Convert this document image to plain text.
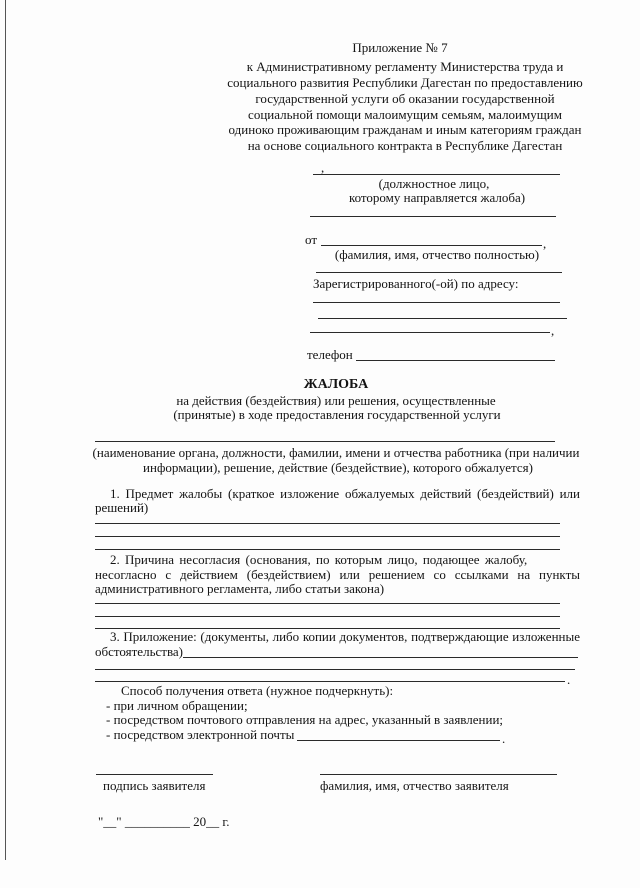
Приложение № 7
к Административному регламенту Министерства труда и
социального развития Республики Дагестан по предоставлению
государственной услуги об оказании государственной
социальной помощи малоимущим семьям, малоимущим
одиноко проживающим гражданам и иным категориям граждан
на основе социального контракта в Республике Дагестан
,
(должностное лицо,
которому направляется жалоба)
от	,
(фамилия, имя, отчество полностью)
Зарегистрированного(-ой) по адресу:
,
телефон
ЖАЛОБА
на действия (бездействия) или решения, осуществленные
(принятые) в ходе предоставления государственной услуги
(наименование органа, должности, фамилии, имени и отчества работника (при наличии
информации), решение, действие (бездействие), которого обжалуется)
1. Предмет жалобы (краткое изложение обжалуемых действий (бездействий) или
решений)
2. Причина несогласия (основания, по которым лицо, подающее жалобу,
несогласно с действием (бездействием) или решением со ссылками на пункты
административного регламента, либо статьи закона)
3. Приложение: (документы, либо копии документов, подтверждающие изложенные
обстоятельства)
.
Способ получения ответа (нужное подчеркнуть):
- при личном обращении;
- посредством почтового отправления на адрес, указанный в заявлении;
- посредством электронной почты	.
подпись заявителя	фамилия, имя, отчество заявителя
"__" __________ 20__ г.
